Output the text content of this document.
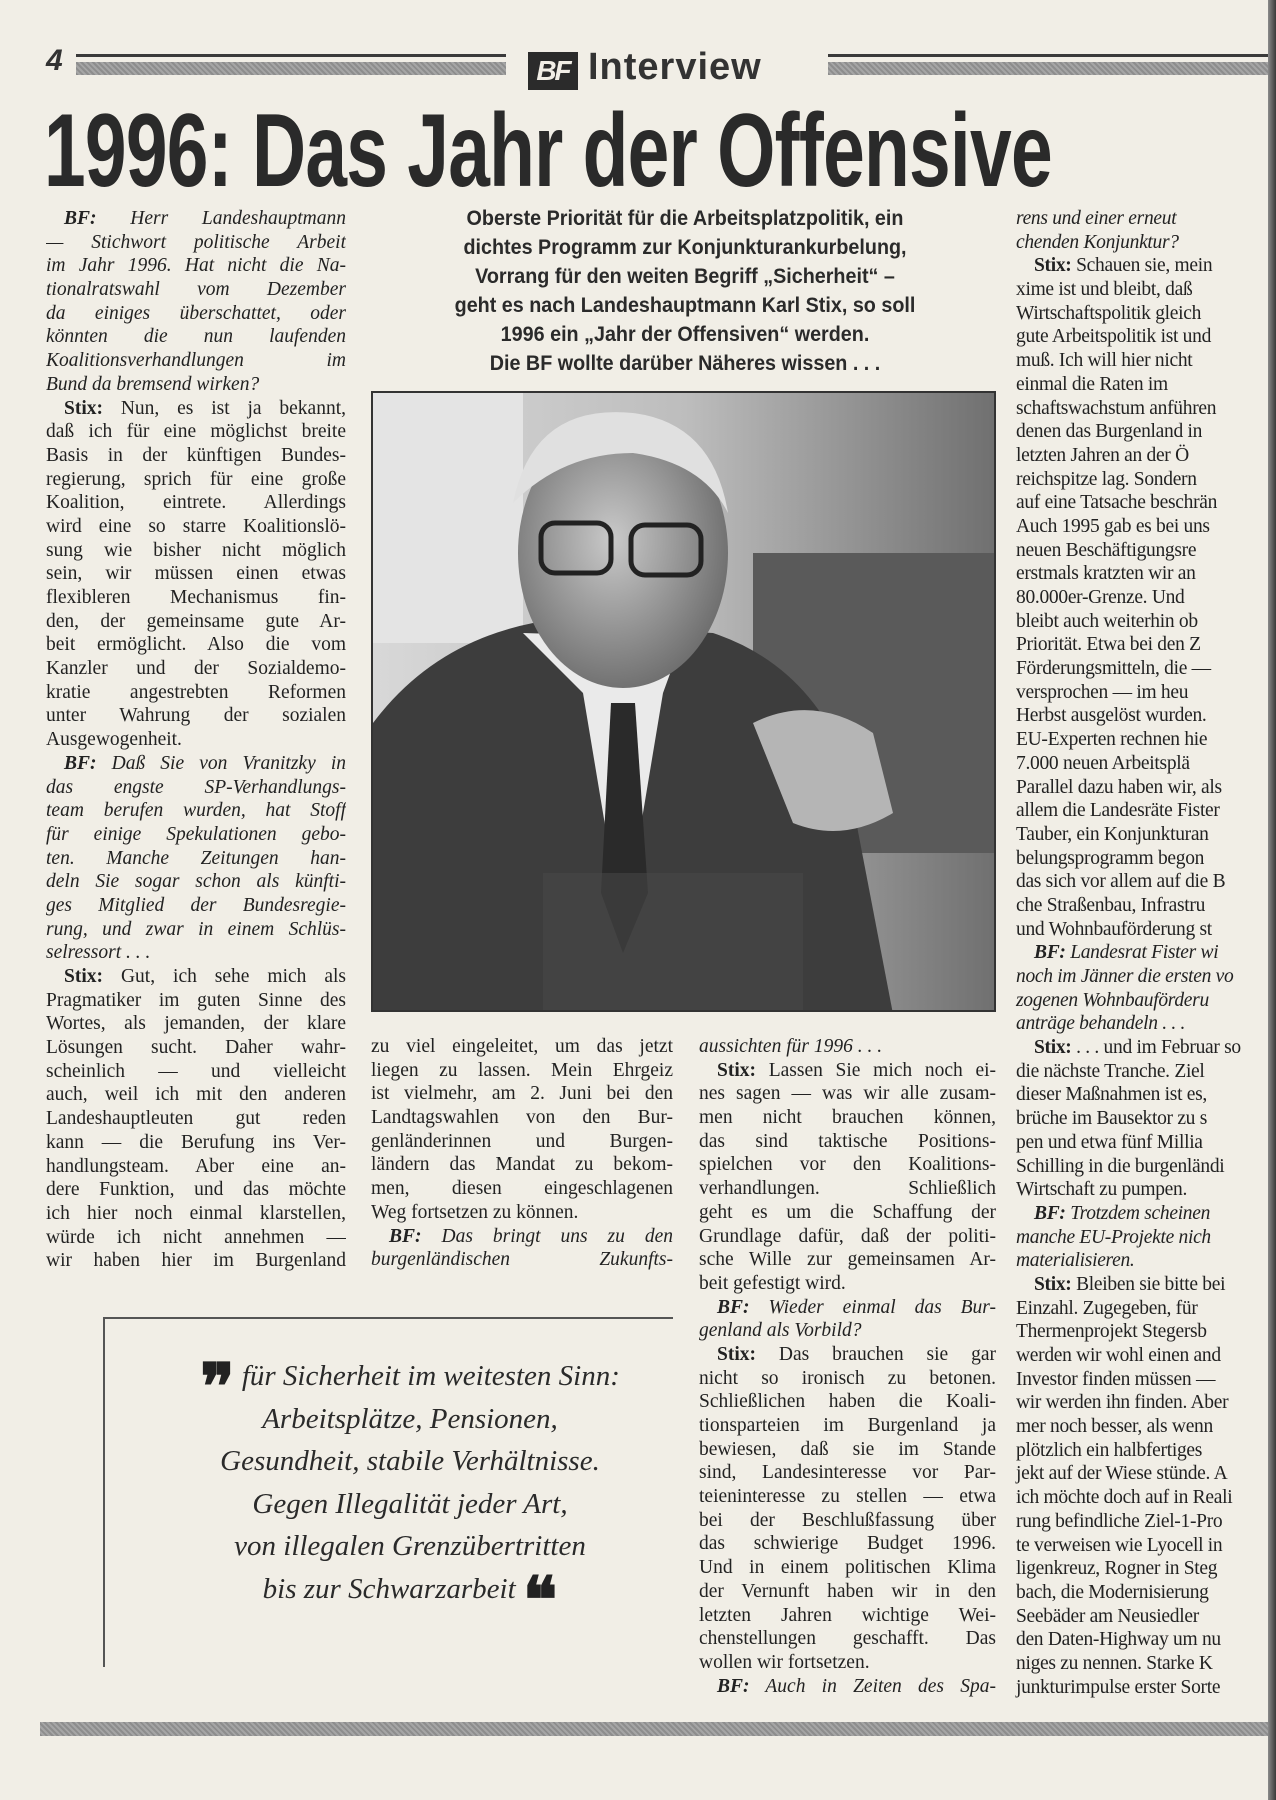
4	BF Interview
1996: Das Jahr der Offensive
Oberste Priorität für die Arbeitsplatzpolitik, ein
dichtes Programm zur Konjunkturankurbelung,
Vorrang für den weiten Begriff „Sicherheit“ –
geht es nach Landeshauptmann Karl Stix, so soll
1996 ein „Jahr der Offensiven“ werden.
Die BF wollte darüber Näheres wissen . . .
BF: Herr Landeshauptmann
— Stichwort politische Arbeit
im Jahr 1996. Hat nicht die Na-
tionalratswahl vom Dezember
da einiges überschattet, oder
könnten die nun laufenden
Koalitionsverhandlungen im
Bund da bremsend wirken?
Stix: Nun, es ist ja bekannt,
daß ich für eine möglichst breite
Basis in der künftigen Bundes-
regierung, sprich für eine große
Koalition, eintrete. Allerdings
wird eine so starre Koalitionslö-
sung wie bisher nicht möglich
sein, wir müssen einen etwas
flexibleren Mechanismus fin-
den, der gemeinsame gute Ar-
beit ermöglicht. Also die vom
Kanzler und der Sozialdemo-
kratie angestrebten Reformen
unter Wahrung der sozialen
Ausgewogenheit.
BF: Daß Sie von Vranitzky in
das engste SP-Verhandlungs-
team berufen wurden, hat Stoff
für einige Spekulationen gebo-
ten. Manche Zeitungen han-
deln Sie sogar schon als künfti-
ges Mitglied der Bundesregie-
rung, und zwar in einem Schlüs-
selressort . . .
Stix: Gut, ich sehe mich als
Pragmatiker im guten Sinne des
Wortes, als jemanden, der klare
Lösungen sucht. Daher wahr-
scheinlich — und vielleicht
auch, weil ich mit den anderen
Landeshauptleuten gut reden
kann — die Berufung ins Ver-
handlungsteam. Aber eine an-
dere Funktion, und das möchte
ich hier noch einmal klarstellen,
würde ich nicht annehmen —
wir haben hier im Burgenland
zu viel eingeleitet, um das jetzt
liegen zu lassen. Mein Ehrgeiz
ist vielmehr, am 2. Juni bei den
Landtagswahlen von den Bur-
genländerinnen und Burgen-
ländern das Mandat zu bekom-
men, diesen eingeschlagenen
Weg fortsetzen zu können.
BF: Das bringt uns zu den
burgenländischen Zukunfts-
aussichten für 1996 . . .
Stix: Lassen Sie mich noch ei-
nes sagen — was wir alle zusam-
men nicht brauchen können,
das sind taktische Positions-
spielchen vor den Koalitions-
verhandlungen. Schließlich
geht es um die Schaffung der
Grundlage dafür, daß der politi-
sche Wille zur gemeinsamen Ar-
beit gefestigt wird.
BF: Wieder einmal das Bur-
genland als Vorbild?
Stix: Das brauchen sie gar
nicht so ironisch zu betonen.
Schließlichen haben die Koali-
tionsparteien im Burgenland ja
bewiesen, daß sie im Stande
sind, Landesinteresse vor Par-
teieninteresse zu stellen — etwa
bei der Beschlußfassung über
das schwierige Budget 1996.
Und in einem politischen Klima
der Vernunft haben wir in den
letzten Jahren wichtige Wei-
chenstellungen geschafft. Das
wollen wir fortsetzen.
BF: Auch in Zeiten des Spa-
rens und einer erneut
chenden Konjunktur?
Stix: Schauen sie, mein
xime ist und bleibt, daß
Wirtschaftspolitik gleich
gute Arbeitspolitik ist und
muß. Ich will hier nicht
einmal die Raten im
schaftswachstum anführen
denen das Burgenland in
letzten Jahren an der Ö
reichspitze lag. Sondern
auf eine Tatsache beschrän
Auch 1995 gab es bei uns
neuen Beschäftigungsre
erstmals kratzten wir an
80.000er-Grenze. Und
bleibt auch weiterhin ob
Priorität. Etwa bei den Z
Förderungsmitteln, die —
versprochen — im heu
Herbst ausgelöst wurden.
EU-Experten rechnen hie
7.000 neuen Arbeitsplä
Parallel dazu haben wir, als
allem die Landesräte Fister
Tauber, ein Konjunkturan
belungsprogramm begon
das sich vor allem auf die B
che Straßenbau, Infrastru
und Wohnbauförderung st
BF: Landesrat Fister wi
noch im Jänner die ersten vo
zogenen Wohnbauförderu
anträge behandeln . . .
Stix: . . . und im Februar so
die nächste Tranche. Ziel
dieser Maßnahmen ist es,
brüche im Bausektor zu s
pen und etwa fünf Millia
Schilling in die burgenländi
Wirtschaft zu pumpen.
BF: Trotzdem scheinen
manche EU-Projekte nich
materialisieren.
Stix: Bleiben sie bitte bei
Einzahl. Zugegeben, für
Thermenprojekt Stegersb
werden wir wohl einen and
Investor finden müssen —
wir werden ihn finden. Aber
mer noch besser, als wenn
plötzlich ein halbfertiges
jekt auf der Wiese stünde. A
ich möchte doch auf in Reali
rung befindliche Ziel-1-Pro
te verweisen wie Lyocell in
ligenkreuz, Rogner in Steg
bach, die Modernisierung
Seebäder am Neusiedler
den Daten-Highway um nu
niges zu nennen. Starke K
junkturimpulse erster Sorte
❞ für Sicherheit im weitesten Sinn:
Arbeitsplätze, Pensionen,
Gesundheit, stabile Verhältnisse.
Gegen Illegalität jeder Art,
von illegalen Grenzübertritten
bis zur Schwarzarbeit ❝
